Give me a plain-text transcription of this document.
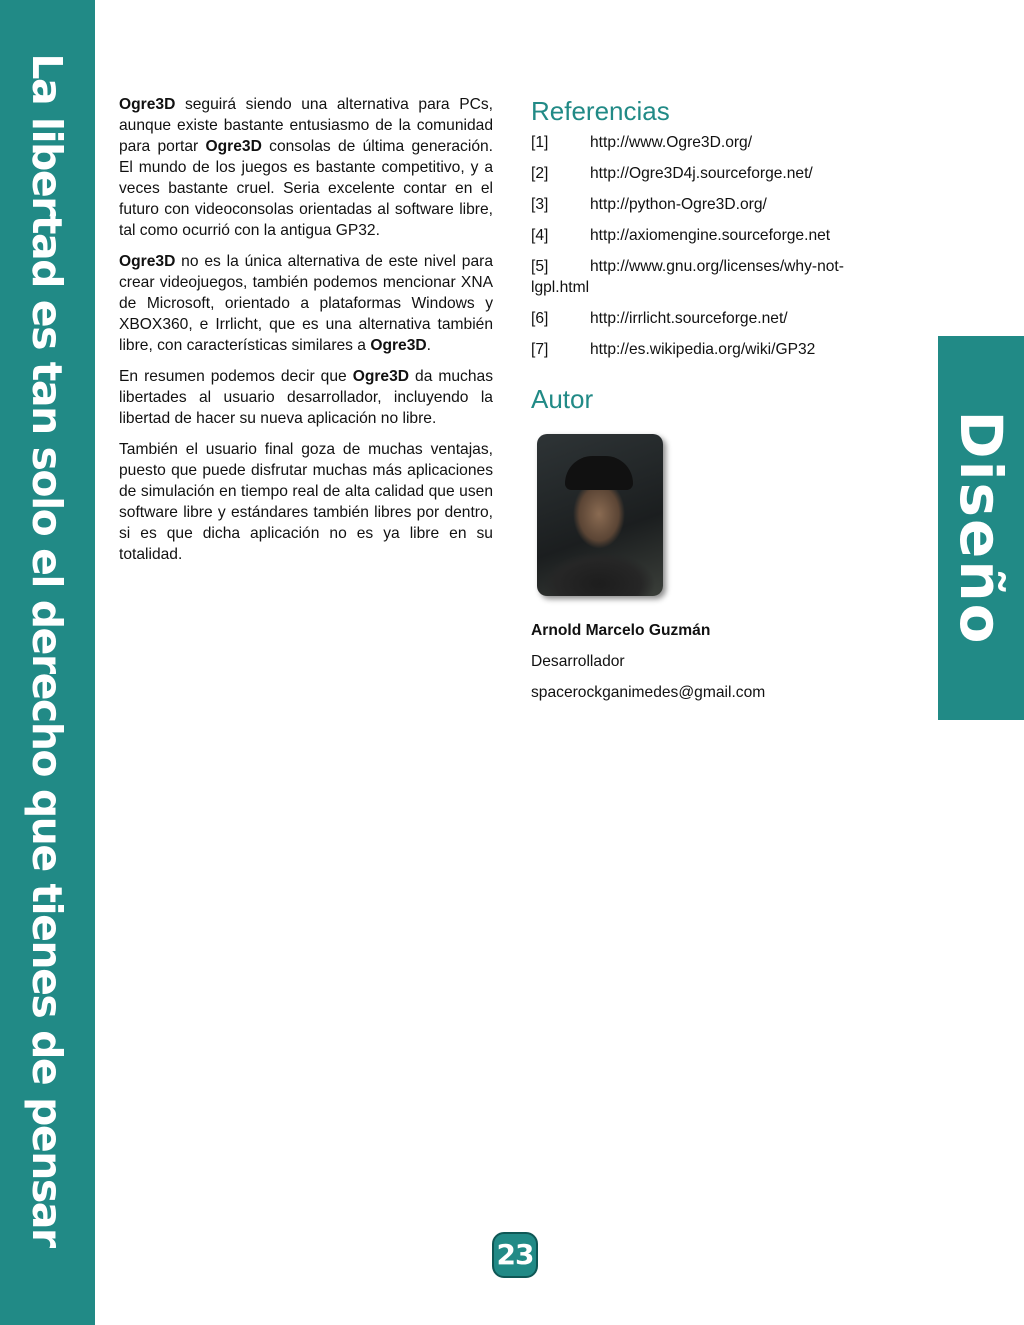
La libertad es tan solo el derecho que tienes de pensar	Diseño

Ogre3D seguirá siendo una alternativa para PCs, aunque existe bastante entusiasmo de la comunidad para portar Ogre3D consolas de última generación. El mundo de los juegos es bastante competitivo, y a veces bastante cruel. Seria excelente contar en el futuro con videoconsolas orientadas al software libre, tal como ocurrió con la antigua GP32.

Ogre3D no es la única alternativa de este nivel para crear videojuegos, también podemos mencionar XNA de Microsoft, orientado a plataformas Windows y XBOX360, e Irrlicht, que es una alternativa también libre, con características similares a Ogre3D.

En resumen podemos decir que Ogre3D da muchas libertades al usuario desarrollador, incluyendo la libertad de hacer su nueva aplicación no libre.

También el usuario final goza de muchas ventajas, puesto que puede disfrutar muchas más aplicaciones de simulación en tiempo real de alta calidad que usen software libre y estándares también libres por dentro, si es que dicha aplicación no es ya libre en su totalidad.

Referencias
[1]	http://www.Ogre3D.org/
[2]	http://Ogre3D4j.sourceforge.net/
[3]	http://python-Ogre3D.org/
[4]	http://axiomengine.sourceforge.net
[5]	http://www.gnu.org/licenses/why-not-lgpl.html
[6]	http://irrlicht.sourceforge.net/
[7]	http://es.wikipedia.org/wiki/GP32
Autor
Arnold Marcelo Guzmán
Desarrollador
spacerockganimedes@gmail.com
23
